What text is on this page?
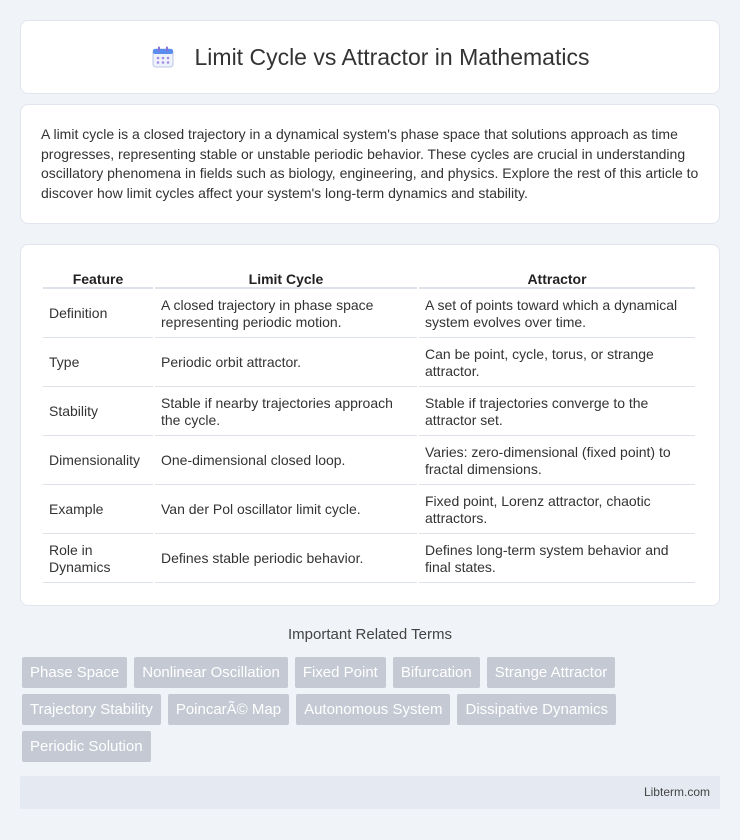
Limit Cycle vs Attractor in Mathematics

A limit cycle is a closed trajectory in a dynamical system's phase space that solutions approach as time progresses, representing stable or unstable periodic behavior. These cycles are crucial in understanding oscillatory phenomena in fields such as biology, engineering, and physics. Explore the rest of this article to discover how limit cycles affect your system's long-term dynamics and stability.

Feature	Limit Cycle	Attractor
Definition	A closed trajectory in phase space representing periodic motion.	A set of points toward which a dynamical system evolves over time.
Type	Periodic orbit attractor.	Can be point, cycle, torus, or strange attractor.
Stability	Stable if nearby trajectories approach the cycle.	Stable if trajectories converge to the attractor set.
Dimensionality	One-dimensional closed loop.	Varies: zero-dimensional (fixed point) to fractal dimensions.
Example	Van der Pol oscillator limit cycle.	Fixed point, Lorenz attractor, chaotic attractors.
Role in Dynamics	Defines stable periodic behavior.	Defines long-term system behavior and final states.
Important Related Terms
Phase Space	Nonlinear Oscillation	Fixed Point	Bifurcation	Strange Attractor
Trajectory Stability	PoincarÃ© Map	Autonomous System	Dissipative Dynamics
Periodic Solution
Libterm.com
